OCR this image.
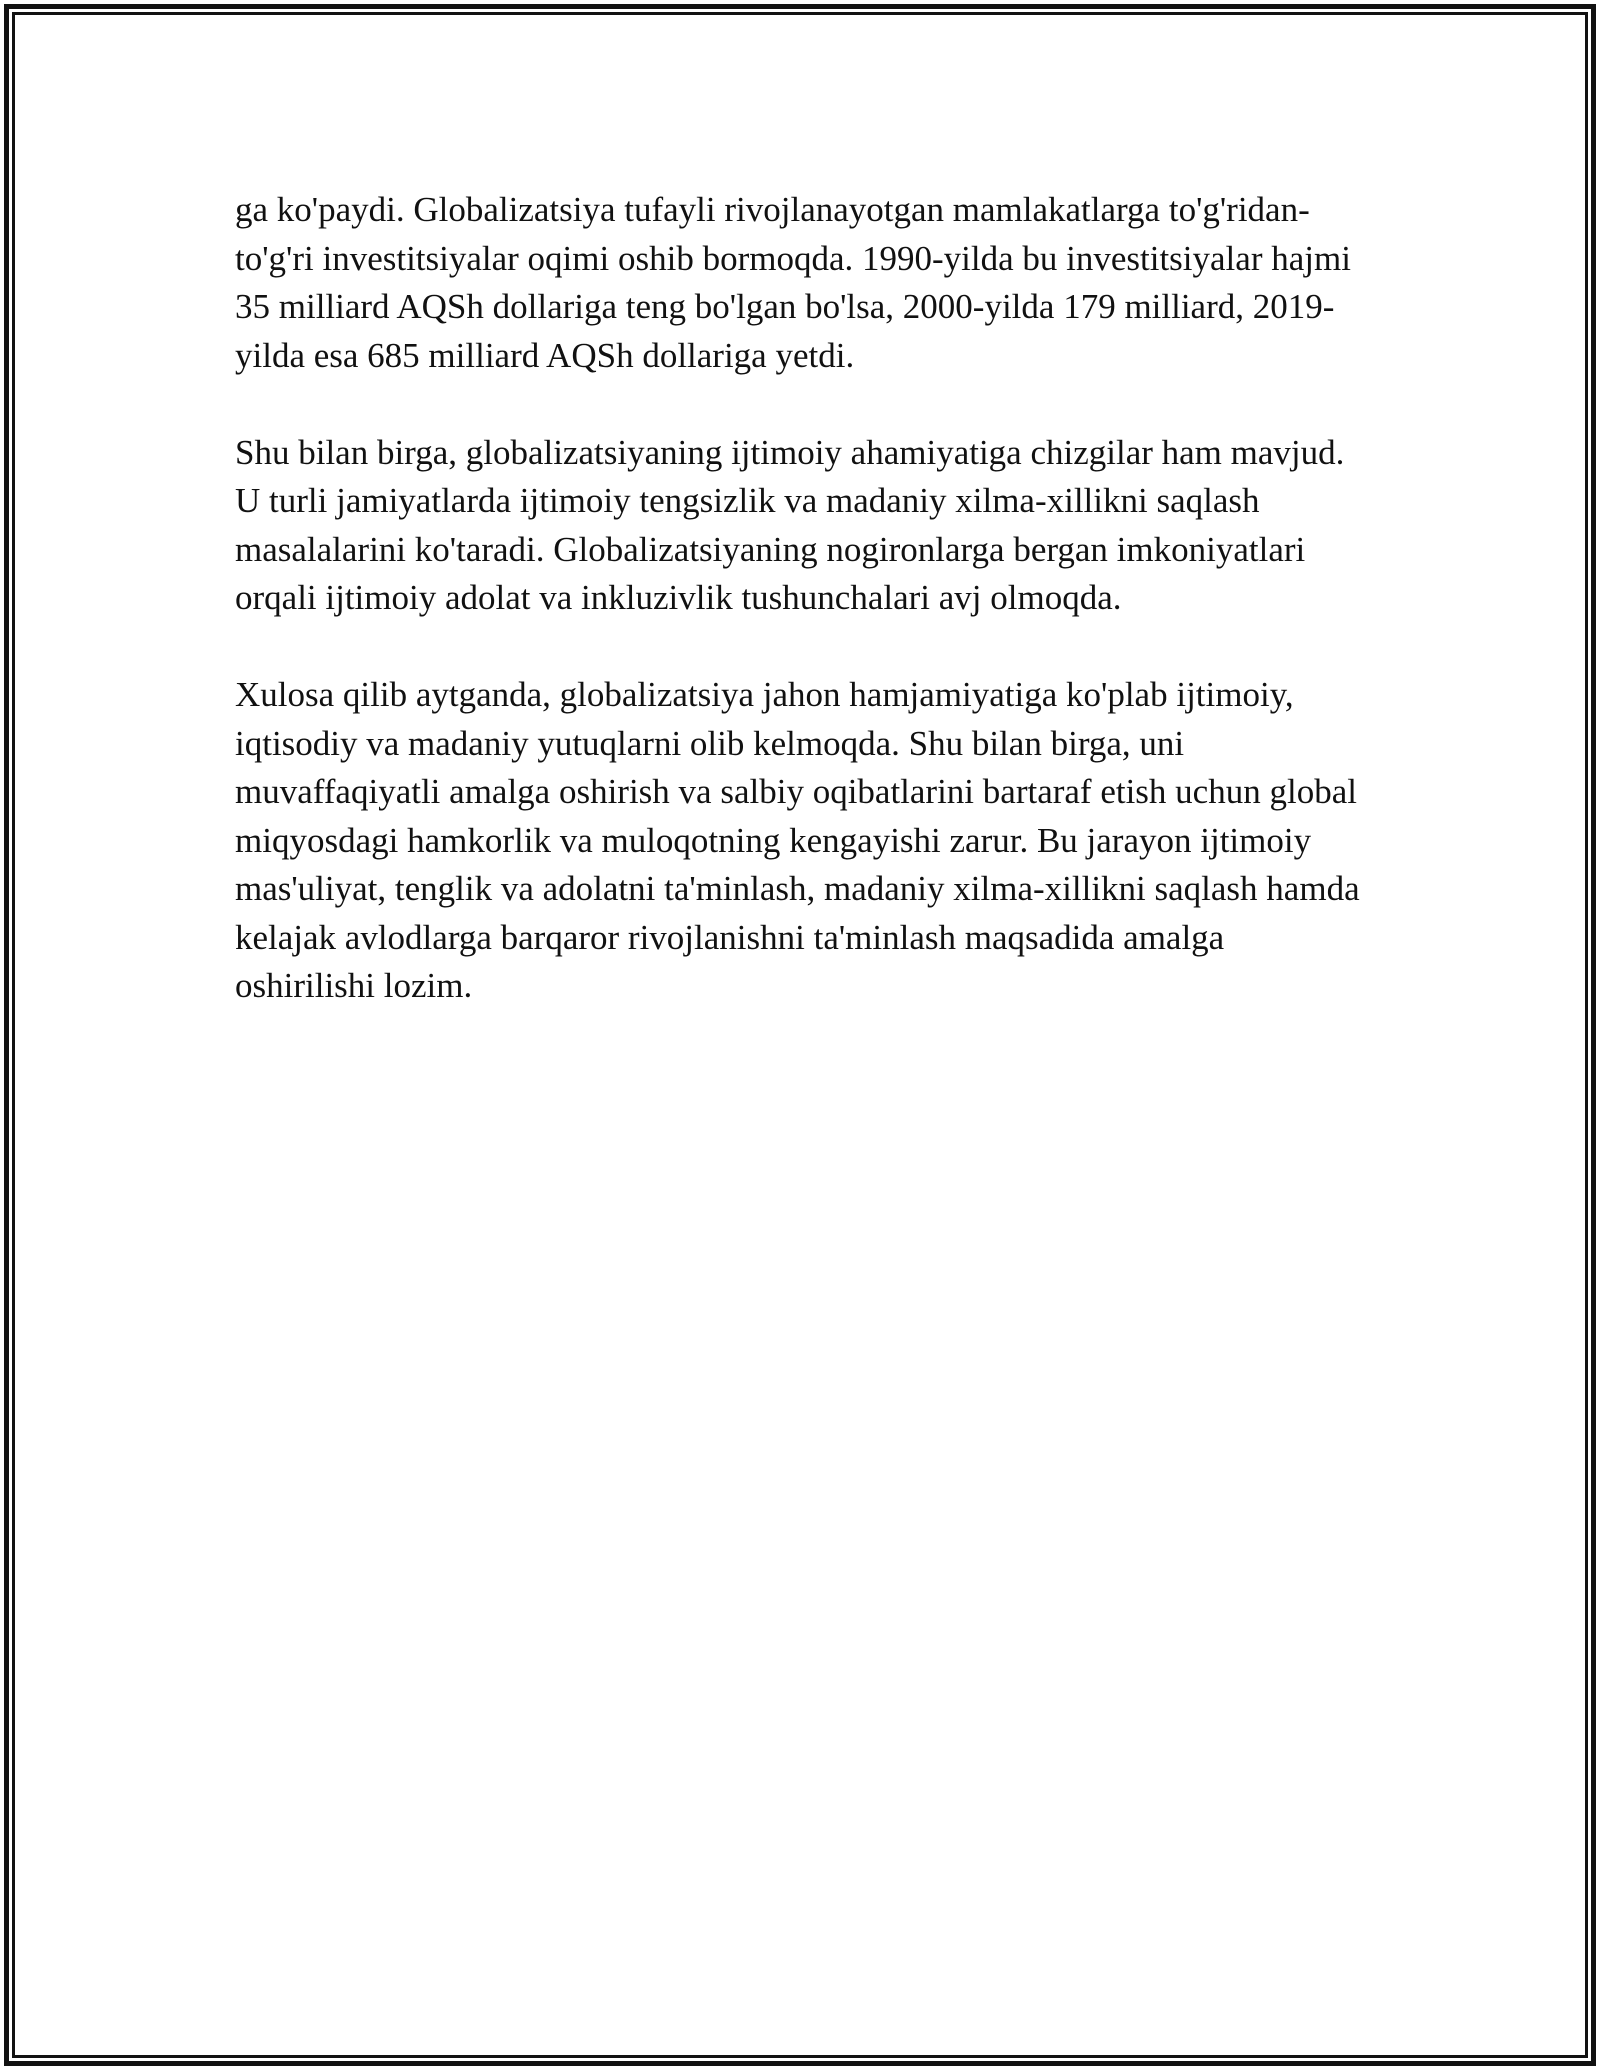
ga ko'paydi. Globalizatsiya tufayli rivojlanayotgan mamlakatlarga to'g'ridan-to'g'ri investitsiyalar oqimi oshib bormoqda. 1990-yilda bu investitsiyalar hajmi 35 milliard AQSh dollariga teng bo'lgan bo'lsa, 2000-yilda 179 milliard, 2019-yilda esa 685 milliard AQSh dollariga yetdi.

Shu bilan birga, globalizatsiyaning ijtimoiy ahamiyatiga chizgilar ham mavjud. U turli jamiyatlarda ijtimoiy tengsizlik va madaniy xilma-xillikni saqlash masalalarini ko'taradi. Globalizatsiyaning nogironlarga bergan imkoniyatlari orqali ijtimoiy adolat va inkluzivlik tushunchalari avj olmoqda.

Xulosa qilib aytganda, globalizatsiya jahon hamjamiyatiga ko'plab ijtimoiy, iqtisodiy va madaniy yutuqlarni olib kelmoqda. Shu bilan birga, uni muvaffaqiyatli amalga oshirish va salbiy oqibatlarini bartaraf etish uchun global miqyosdagi hamkorlik va muloqotning kengayishi zarur. Bu jarayon ijtimoiy mas'uliyat, tenglik va adolatni ta'minlash, madaniy xilma-xillikni saqlash hamda kelajak avlodlarga barqaror rivojlanishni ta'minlash maqsadida amalga oshirilishi lozim.
